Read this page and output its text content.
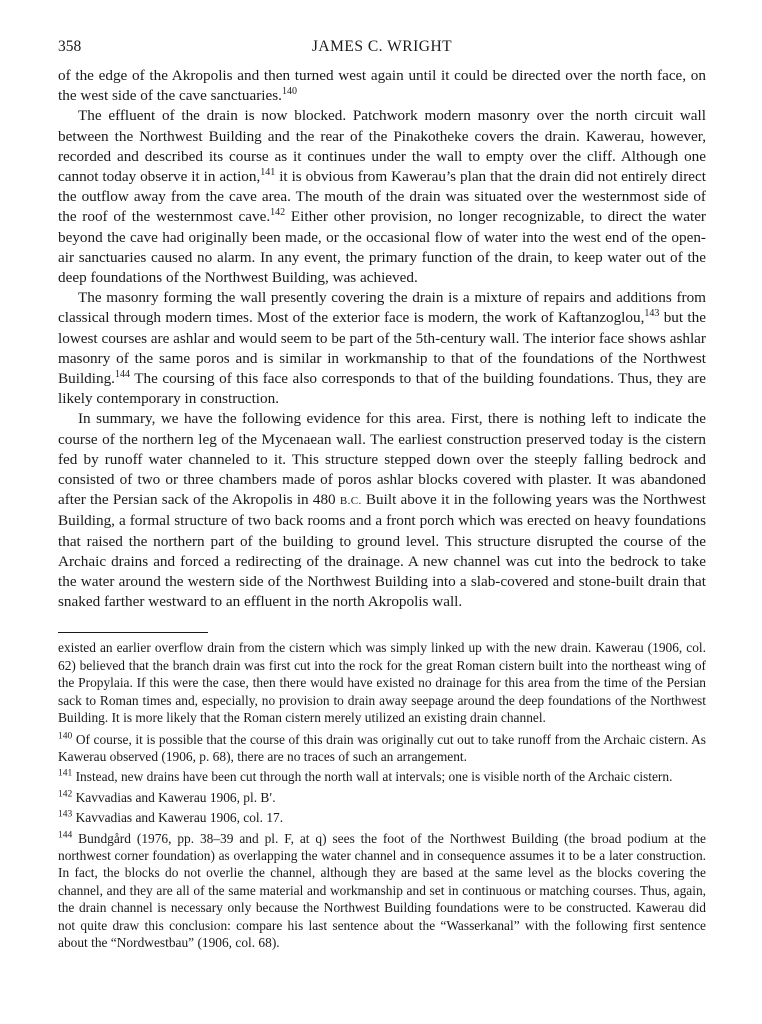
358	JAMES C. WRIGHT

of the edge of the Akropolis and then turned west again until it could be directed over the north face, on the west side of the cave sanctuaries.$^{140}$

The effluent of the drain is now blocked. Patchwork modern masonry over the north circuit wall between the Northwest Building and the rear of the Pinakotheke covers the drain. Kawerau, however, recorded and described its course as it continues under the wall to empty over the cliff. Although one cannot today observe it in action,$^{141}$ it is obvious from Kawerau’s plan that the drain did not entirely direct the outflow away from the cave area. The mouth of the drain was situated over the westernmost side of the roof of the westernmost cave.$^{142}$ Either other provision, no longer recognizable, to direct the water beyond the cave had originally been made, or the occasional flow of water into the west end of the open-air sanctuaries caused no alarm. In any event, the primary function of the drain, to keep water out of the deep foundations of the Northwest Building, was achieved.

The masonry forming the wall presently covering the drain is a mixture of repairs and additions from classical through modern times. Most of the exterior face is modern, the work of Kaftanzoglou,$^{143}$ but the lowest courses are ashlar and would seem to be part of the 5th-century wall. The interior face shows ashlar masonry of the same poros and is similar in workmanship to that of the foundations of the Northwest Building.$^{144}$ The coursing of this face also corresponds to that of the building foundations. Thus, they are likely contemporary in construction.

In summary, we have the following evidence for this area. First, there is nothing left to indicate the course of the northern leg of the Mycenaean wall. The earliest construction preserved today is the cistern fed by runoff water channeled to it. This structure stepped down over the steeply falling bedrock and consisted of two or three chambers made of poros ashlar blocks covered with plaster. It was abandoned after the Persian sack of the Akropolis in 480 B.C. Built above it in the following years was the Northwest Building, a formal structure of two back rooms and a front porch which was erected on heavy foundations that raised the northern part of the building to ground level. This structure disrupted the course of the Archaic drains and forced a redirecting of the drainage. A new channel was cut into the bedrock to take the water around the western side of the Northwest Building into a slab-covered and stone-built drain that snaked farther westward to an effluent in the north Akropolis wall.

existed an earlier overflow drain from the cistern which was simply linked up with the new drain. Kawerau (1906, col. 62) believed that the branch drain was first cut into the rock for the great Roman cistern built into the northeast wing of the Propylaia. If this were the case, then there would have existed no drainage for this area from the time of the Persian sack to Roman times and, especially, no provision to drain away seepage around the deep foundations of the Northwest Building. It is more likely that the Roman cistern merely utilized an existing drain channel.

$^{140}$ Of course, it is possible that the course of this drain was originally cut out to take runoff from the Archaic cistern. As Kawerau observed (1906, p. 68), there are no traces of such an arrangement.

$^{141}$ Instead, new drains have been cut through the north wall at intervals; one is visible north of the Archaic cistern.

$^{142}$ Kavvadias and Kawerau 1906, pl. B′.

$^{143}$ Kavvadias and Kawerau 1906, col. 17.

$^{144}$ Bundgård (1976, pp. 38–39 and pl. F, at q) sees the foot of the Northwest Building (the broad podium at the northwest corner foundation) as overlapping the water channel and in consequence assumes it to be a later construction. In fact, the blocks do not overlie the channel, although they are based at the same level as the blocks covering the channel, and they are all of the same material and workmanship and set in continuous or matching courses. Thus, again, the drain channel is necessary only because the Northwest Building foundations were to be constructed. Kawerau did not quite draw this conclusion: compare his last sentence about the “Wasserkanal” with the following first sentence about the “Nordwestbau” (1906, col. 68).
